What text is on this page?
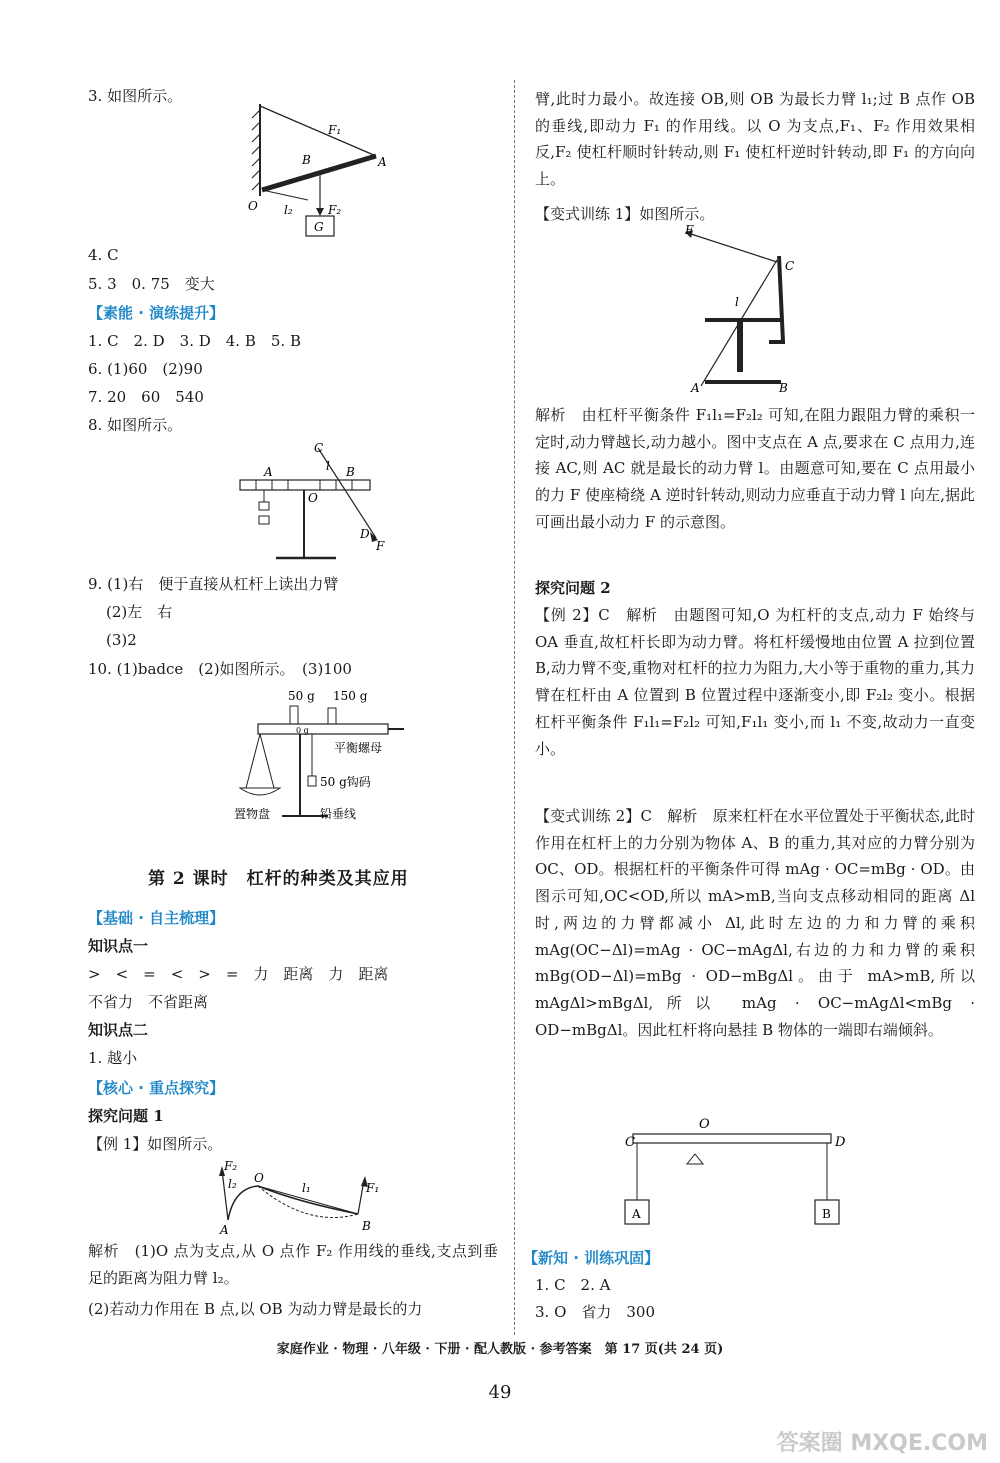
3. 如图所示。
F₁
B	A
O l₂	F₂
G
4. C
5. 3　0. 75　变大
【素能 · 演练提升】
1. C　2. D　3. D　4. B　5. B
6. (1)60　(2)90
7. 20　60　540
8. 如图所示。
C
A	B
l
O
D
F
9. (1)右　便于直接从杠杆上读出力臂
(2)左　右
(3)2
10. (1)badce　(2)如图所示。　(3)100
50 g 150 g
0 g
平衡螺母
50 g钩码
置物盘	铅垂线
第 2 课时　杠杆的种类及其应用
【基础 · 自主梳理】
知识点一
>　<　=　<　>　=　力　距离　力　距离
不省力　不省距离
知识点二
1. 越小
【核心 · 重点探究】
探究问题 1
【例 1】如图所示。
F₂
l₂ O
l₁	F₁
A	B
解析　(1)O 点为支点,从 O 点作 F₂ 作用线的垂线,支点到垂足的距离为阻力臂 l₂。
(2)若动力作用在 B 点,以 OB 为动力臂是最长的力
臂,此时力最小。故连接 OB,则 OB 为最长力臂 l₁;过 B 点作 OB 的垂线,即动力 F₁ 的作用线。以 O 为支点,F₁、F₂ 作用效果相反,F₂ 使杠杆顺时针转动,则 F₁ 使杠杆逆时针转动,即 F₁ 的方向向上。
【变式训练 1】如图所示。
F
C
l
A	B
解析　由杠杆平衡条件 F₁l₁=F₂l₂ 可知,在阻力跟阻力臂的乘积一定时,动力臂越长,动力越小。图中支点在 A 点,要求在 C 点用力,连接 AC,则 AC 就是最长的动力臂 l。由题意可知,要在 C 点用最小的力 F 使座椅绕 A 逆时针转动,则动力应垂直于动力臂 l 向左,据此可画出最小动力 F 的示意图。
探究问题 2
【例 2】C　解析　由题图可知,O 为杠杆的支点,动力 F 始终与 OA 垂直,故杠杆长即为动力臂。将杠杆缓慢地由位置 A 拉到位置 B,动力臂不变,重物对杠杆的拉力为阻力,大小等于重物的重力,其力臂在杠杆由 A 位置到 B 位置过程中逐渐变小,即 F₂l₂ 变小。根据杠杆平衡条件 F₁l₁=F₂l₂ 可知,F₁l₁ 变小,而 l₁ 不变,故动力一直变小。
【变式训练 2】C　解析　原来杠杆在水平位置处于平衡状态,此时作用在杠杆上的力分别为物体 A、B 的重力,其对应的力臂分别为 OC、OD。根据杠杆的平衡条件可得 mAg · OC=mBg · OD。由图示可知,OC<OD,所以 mA>mB,当向支点移动相同的距离 Δl 时,两边的力臂都减小 Δl,此时左边的力和力臂的乘积 mAg(OC−Δl)=mAg · OC−mAgΔl,右边的力和力臂的乘积 mBg(OD−Δl)=mBg · OD−mBgΔl。由于 mA>mB,所以 mAgΔl>mBgΔl,所以 mAg · OC−mAgΔl<mBg · OD−mBgΔl。因此杠杆将向悬挂 B 物体的一端即右端倾斜。
O
C	D
A	B
【新知 · 训练巩固】
1. C　2. A
3. O　省力　300
家庭作业 · 物理 · 八年级 · 下册 · 配人教版 · 参考答案　第 17 页(共 24 页)
49
答案圈 MXQE.COM
